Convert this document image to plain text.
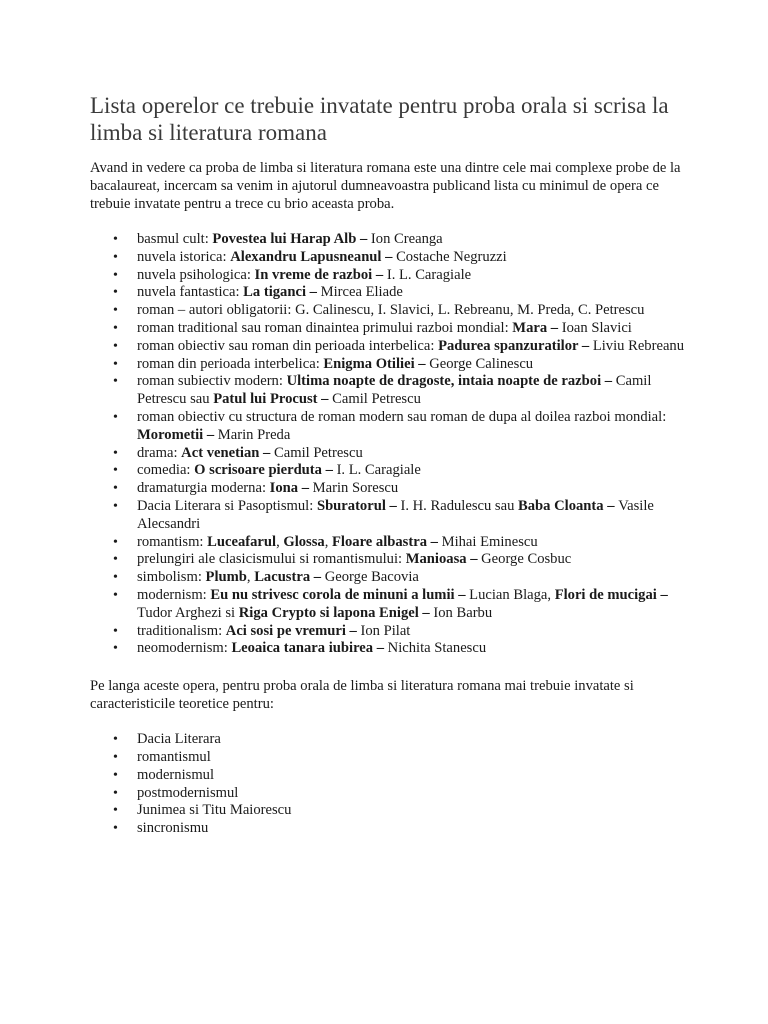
Lista operelor ce trebuie invatate pentru proba orala si scrisa la limba si literatura romana

Avand in vedere ca proba de limba si literatura romana este una dintre cele mai complexe probe de la bacalaureat, incercam sa venim in ajutorul dumneavoastra publicand lista cu minimul de opera ce trebuie invatate pentru a trece cu brio aceasta proba.

• basmul cult: Povestea lui Harap Alb – Ion Creanga
• nuvela istorica: Alexandru Lapusneanul – Costache Negruzzi
• nuvela psihologica: In vreme de razboi – I. L. Caragiale
• nuvela fantastica: La tiganci – Mircea Eliade
• roman – autori obligatorii: G. Calinescu, I. Slavici, L. Rebreanu, M. Preda, C. Petrescu
• roman traditional sau roman dinaintea primului razboi mondial: Mara – Ioan Slavici
• roman obiectiv sau roman din perioada interbelica: Padurea spanzuratilor – Liviu Rebreanu
• roman din perioada interbelica: Enigma Otiliei – George Calinescu
• roman subiectiv modern: Ultima noapte de dragoste, intaia noapte de razboi – Camil Petrescu sau Patul lui Procust – Camil Petrescu
• roman obiectiv cu structura de roman modern sau roman de dupa al doilea razboi mondial: Morometii – Marin Preda
• drama: Act venetian – Camil Petrescu
• comedia: O scrisoare pierduta – I. L. Caragiale
• dramaturgia moderna: Iona – Marin Sorescu
• Dacia Literara si Pasoptismul: Sburatorul – I. H. Radulescu sau Baba Cloanta – Vasile Alecsandri
• romantism: Luceafarul, Glossa, Floare albastra – Mihai Eminescu
• prelungiri ale clasicismului si romantismului: Manioasa – George Cosbuc
• simbolism: Plumb, Lacustra – George Bacovia
• modernism: Eu nu strivesc corola de minuni a lumii – Lucian Blaga, Flori de mucigai – Tudor Arghezi si Riga Crypto si lapona Enigel – Ion Barbu
• traditionalism: Aci sosi pe vremuri – Ion Pilat
• neomodernism: Leoaica tanara iubirea – Nichita Stanescu

Pe langa aceste opera, pentru proba orala de limba si literatura romana mai trebuie invatate si caracteristicile teoretice pentru:

• Dacia Literara
• romantismul
• modernismul
• postmodernismul
• Junimea si Titu Maiorescu
• sincronismu
